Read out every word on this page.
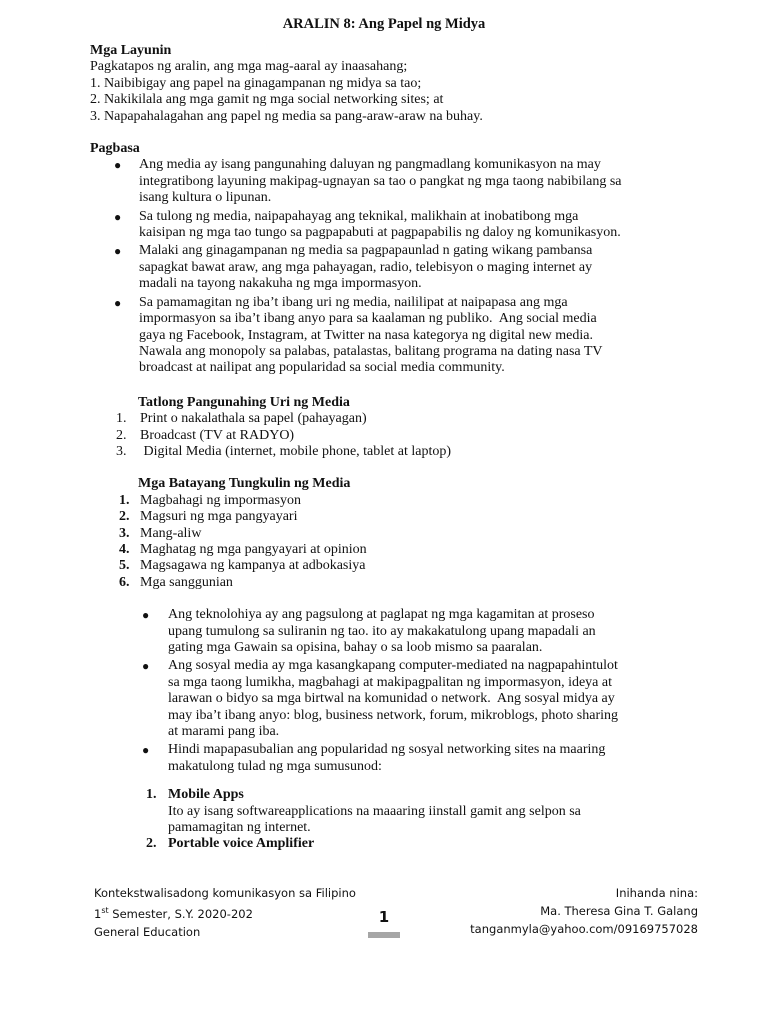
ARALIN 8: Ang Papel ng Midya
Mga Layunin
Pagkatapos ng aralin, ang mga mag-aaral ay inaasahang;
1. Naibibigay ang papel na ginagampanan ng midya sa tao;
2. Nakikilala ang mga gamit ng mga social networking sites; at
3. Napapahalagahan ang papel ng media sa pang-araw-araw na buhay.
Pagbasa
● Ang media ay isang pangunahing daluyan ng pangmadlang komunikasyon na may
integratibong layuning makipag-ugnayan sa tao o pangkat ng mga taong nabibilang sa
isang kultura o lipunan.
● Sa tulong ng media, naipapahayag ang teknikal, malikhain at inobatibong mga
kaisipan ng mga tao tungo sa pagpapabuti at pagpapabilis ng daloy ng komunikasyon.
● Malaki ang ginagampanan ng media sa pagpapaunlad n gating wikang pambansa
sapagkat bawat araw, ang mga pahayagan, radio, telebisyon o maging internet ay
madali na tayong nakakuha ng mga impormasyon.
● Sa pamamagitan ng iba’t ibang uri ng media, naililipat at naipapasa ang mga
impormasyon sa iba’t ibang anyo para sa kaalaman ng publiko.  Ang social media
gaya ng Facebook, Instagram, at Twitter na nasa kategorya ng digital new media.
Nawala ang monopoly sa palabas, patalastas, balitang programa na dating nasa TV
broadcast at nailipat ang popularidad sa social media community.
Tatlong Pangunahing Uri ng Media
1. Print o nakalathala sa papel (pahayagan)
2. Broadcast (TV at RADYO)
3. Digital Media (internet, mobile phone, tablet at laptop)
Mga Batayang Tungkulin ng Media
1. Magbahagi ng impormasyon
2. Magsuri ng mga pangyayari
3. Mang-aliw
4. Maghatag ng mga pangyayari at opinion
5. Magsagawa ng kampanya at adbokasiya
6. Mga sanggunian
● Ang teknolohiya ay ang pagsulong at paglapat ng mga kagamitan at proseso
upang tumulong sa suliranin ng tao. ito ay makakatulong upang mapadali an
gating mga Gawain sa opisina, bahay o sa loob mismo sa paaralan.
● Ang sosyal media ay mga kasangkapang computer-mediated na nagpapahintulot
sa mga taong lumikha, magbahagi at makipagpalitan ng impormasyon, ideya at
larawan o bidyo sa mga birtwal na komunidad o network.  Ang sosyal midya ay
may iba’t ibang anyo: blog, business network, forum, mikroblogs, photo sharing
at marami pang iba.
● Hindi mapapasubalian ang popularidad ng sosyal networking sites na maaring
makatulong tulad ng mga sumusunod:
1. Mobile Apps
Ito ay isang softwareapplications na maaaring iinstall gamit ang selpon sa
pamamagitan ng internet.
2. Portable voice Amplifier
Kontekstwalisadong komunikasyon sa Filipino
1st Semester, S.Y. 2020-202
General Education
1
Inihanda nina:
Ma. Theresa Gina T. Galang
tanganmyla@yahoo.com/09169757028
